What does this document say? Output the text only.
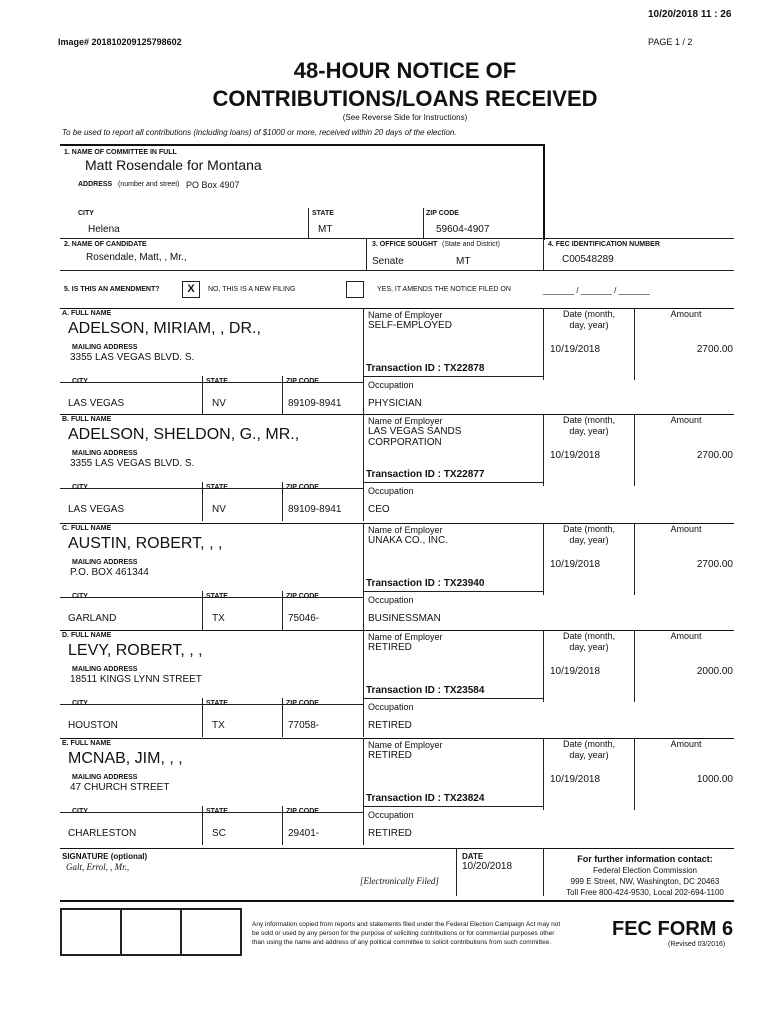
10/20/2018 11 : 26
Image# 201810209125798602	PAGE 1 / 2
48-HOUR NOTICE OF
CONTRIBUTIONS/LOANS RECEIVED
(See Reverse Side for Instructions)
To be used to report all contributions (including loans) of $1000 or more, received within 20 days of the election.
1. NAME OF COMMITTEE IN FULL
Matt Rosendale for Montana
ADDRESS (number and street) PO Box 4907
CITY	STATE	ZIP CODE
Helena	MT	59604-4907
2. NAME OF CANDIDATE
Rosendale, Matt, , Mr.,
3. OFFICE SOUGHT (State and District)
Senate	MT
4. FEC IDENTIFICATION NUMBER
C00548289
5. IS THIS AN AMENDMENT?	X	NO, THIS IS A NEW FILING	YES, IT AMENDS THE NOTICE FILED ON	_______ / _______ / _______
A. FULL NAME
ADELSON, MIRIAM, , DR.,
MAILING ADDRESS
3355 LAS VEGAS BLVD. S.
CITY	STATE	ZIP CODE
LAS VEGAS	NV	89109-8941
Name of Employer
SELF-EMPLOYED
Transaction ID : TX22878
Occupation
PHYSICIAN
Date (month,
day, year)
Amount
10/19/2018	2700.00
B. FULL NAME
ADELSON, SHELDON, G., MR.,
MAILING ADDRESS
3355 LAS VEGAS BLVD. S.
CITY	STATE	ZIP CODE
LAS VEGAS	NV	89109-8941
Name of Employer
LAS VEGAS SANDS
CORPORATION
Transaction ID : TX22877
Occupation
CEO
Date (month,
day, year)
Amount
10/19/2018	2700.00
C. FULL NAME
AUSTIN, ROBERT, , ,
MAILING ADDRESS
P.O. BOX 461344
CITY	STATE	ZIP CODE
GARLAND	TX	75046-
Name of Employer
UNAKA CO., INC.
Transaction ID : TX23940
Occupation
BUSINESSMAN
Date (month,
day, year)
Amount
10/19/2018	2700.00
D. FULL NAME
LEVY, ROBERT, , ,
MAILING ADDRESS
18511 KINGS LYNN STREET
CITY	STATE	ZIP CODE
HOUSTON	TX	77058-
Name of Employer
RETIRED
Transaction ID : TX23584
Occupation
RETIRED
Date (month,
day, year)
Amount
10/19/2018	2000.00
E. FULL NAME
MCNAB, JIM, , ,
MAILING ADDRESS
47 CHURCH STREET
CITY	STATE	ZIP CODE
CHARLESTON	SC	29401-
Name of Employer
RETIRED
Transaction ID : TX23824
Occupation
RETIRED
Date (month,
day, year)
Amount
10/19/2018	1000.00
SIGNATURE (optional)
Galt, Errol, , Mr.,
[Electronically Filed]
DATE
10/20/2018
For further information contact:
Federal Election Commission
999 E Street, NW, Washington, DC 20463
Toll Free 800-424-9530, Local 202-694-1100
Any information copied from reports and statements filed under the Federal Election Campaign Act may not
be sold or used by any person for the purpose of soliciting contributions or for commercial purposes other
than using the name and address of any political committee to solicit contributions from such committee.
FEC FORM 6
(Revised 03/2016)
